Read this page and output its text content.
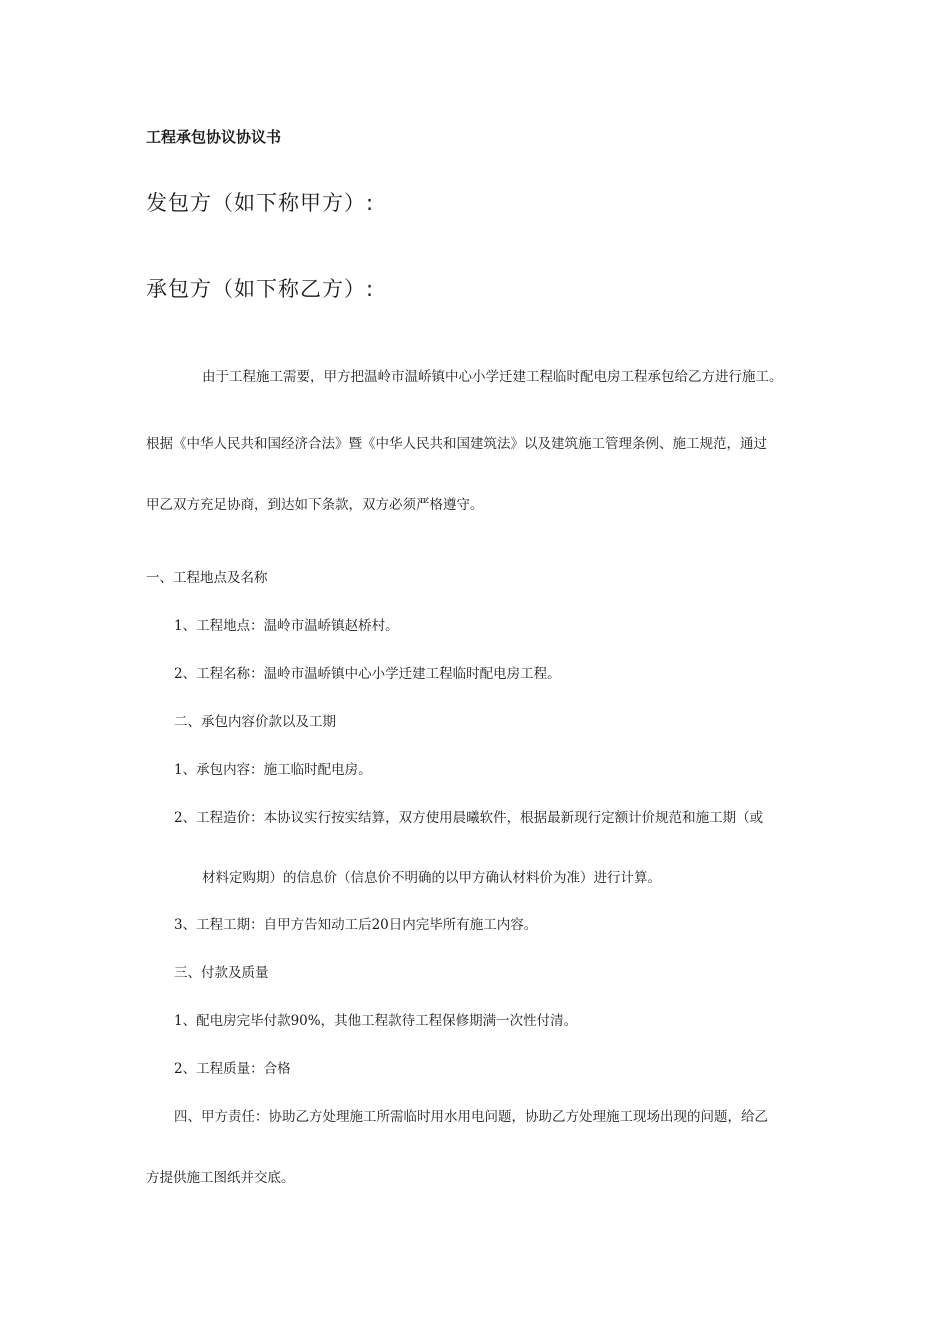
工程承包协议协议书
发包方（如下称甲方）:
承包方（如下称乙方）:
由于工程施工需要，甲方把温岭市温峤镇中心小学迁建工程临时配电房工程承包给乙方进行施工。
根据《中华人民共和国经济合法》暨《中华人民共和国建筑法》以及建筑施工管理条例、施工规范，通过
甲乙双方充足协商，到达如下条款，双方必须严格遵守。
一、工程地点及名称
1、工程地点：温岭市温峤镇赵桥村。
2、工程名称：温岭市温峤镇中心小学迁建工程临时配电房工程。
二、承包内容价款以及工期
1、承包内容：施工临时配电房。
2、工程造价：本协议实行按实结算，双方使用晨曦软件，根据最新现行定额计价规范和施工期（或
材料定购期）的信息价（信息价不明确的以甲方确认材料价为准）进行计算。
3、工程工期：自甲方告知动工后20日内完毕所有施工内容。
三、付款及质量
1、配电房完毕付款90%，其他工程款待工程保修期满一次性付清。
2、工程质量：合格
四、甲方责任：协助乙方处理施工所需临时用水用电问题，协助乙方处理施工现场出现的问题，给乙
方提供施工图纸并交底。
